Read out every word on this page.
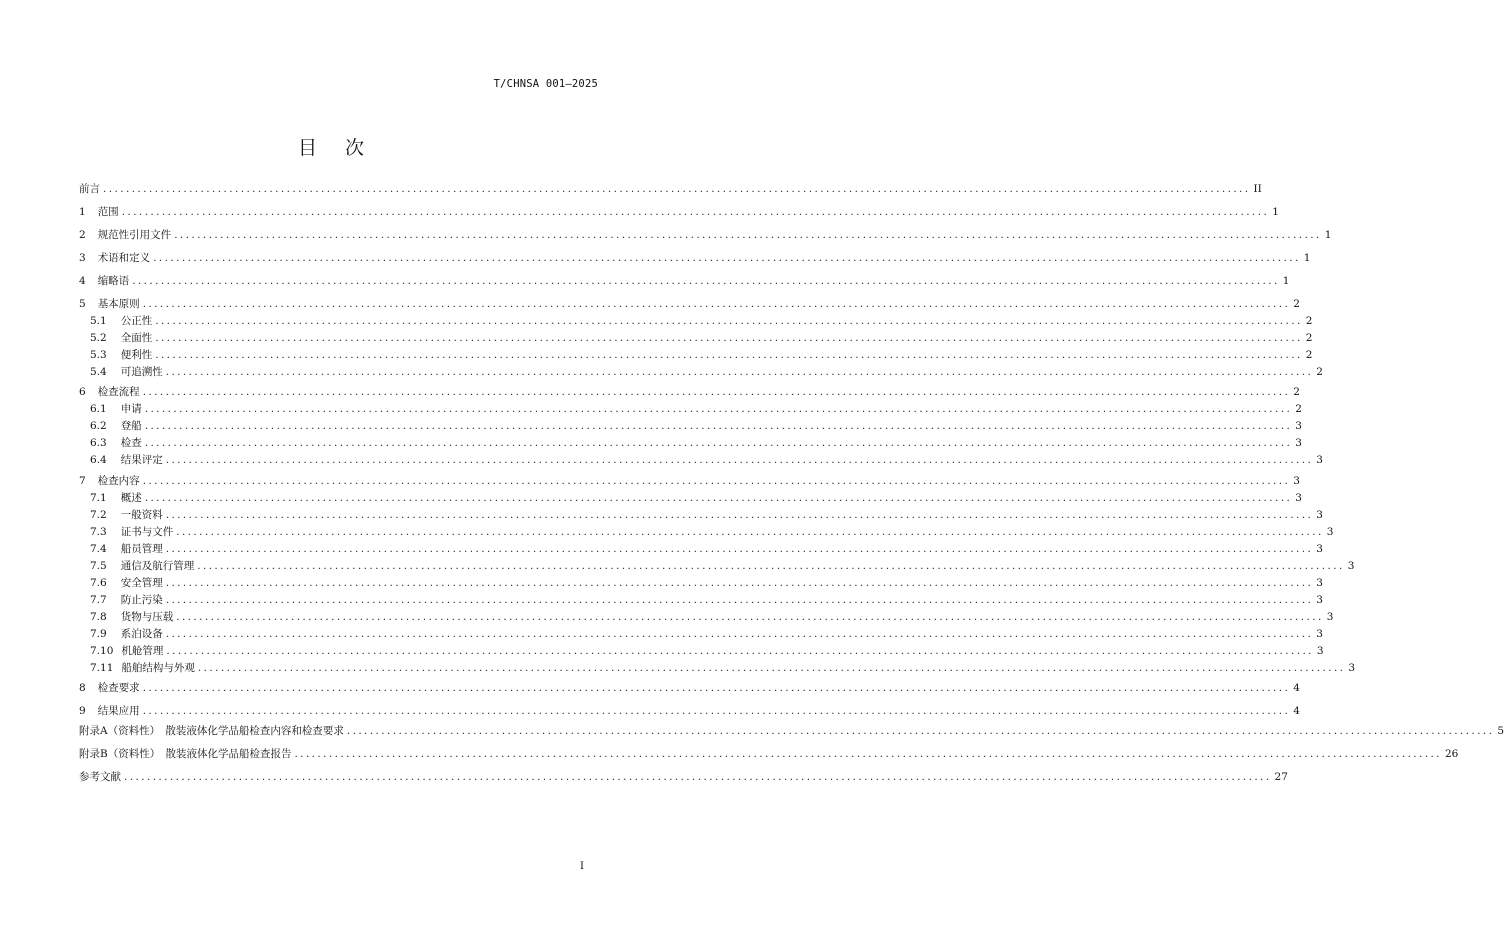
T/CHNSA 001—2025
目次
前言 ........................................................................................................................................................................................................ II
1 范围 ........................................................................................................................................................................................................ 1
2 规范性引用文件 ........................................................................................................................................................................................................ 1
3 术语和定义 ........................................................................................................................................................................................................ 1
4 缩略语 ........................................................................................................................................................................................................ 1
5 基本原则 ........................................................................................................................................................................................................ 2
5.1 公正性 ........................................................................................................................................................................................................ 2
5.2 全面性 ........................................................................................................................................................................................................ 2
5.3 便利性 ........................................................................................................................................................................................................ 2
5.4 可追溯性 ........................................................................................................................................................................................................ 2
6 检查流程 ........................................................................................................................................................................................................ 2
6.1 申请 ........................................................................................................................................................................................................ 2
6.2 登船 ........................................................................................................................................................................................................ 3
6.3 检查 ........................................................................................................................................................................................................ 3
6.4 结果评定 ........................................................................................................................................................................................................ 3
7 检查内容 ........................................................................................................................................................................................................ 3
7.1 概述 ........................................................................................................................................................................................................ 3
7.2 一般资料 ........................................................................................................................................................................................................ 3
7.3 证书与文件 ........................................................................................................................................................................................................ 3
7.4 船员管理 ........................................................................................................................................................................................................ 3
7.5 通信及航行管理 ........................................................................................................................................................................................................ 3
7.6 安全管理 ........................................................................................................................................................................................................ 3
7.7 防止污染 ........................................................................................................................................................................................................ 3
7.8 货物与压载 ........................................................................................................................................................................................................ 3
7.9 系泊设备 ........................................................................................................................................................................................................ 3
7.10 机舱管理 ........................................................................................................................................................................................................ 3
7.11 船舶结构与外观 ........................................................................................................................................................................................................ 3
8 检查要求 ........................................................................................................................................................................................................ 4
9 结果应用 ........................................................................................................................................................................................................ 4
附录A（资料性）　散装液体化学品船检查内容和检查要求 ........................................................................................................................................................................................................ 5
附录B（资料性）　散装液体化学品船检查报告 ........................................................................................................................................................................................................ 26
参考文献 ........................................................................................................................................................................................................ 27
I
